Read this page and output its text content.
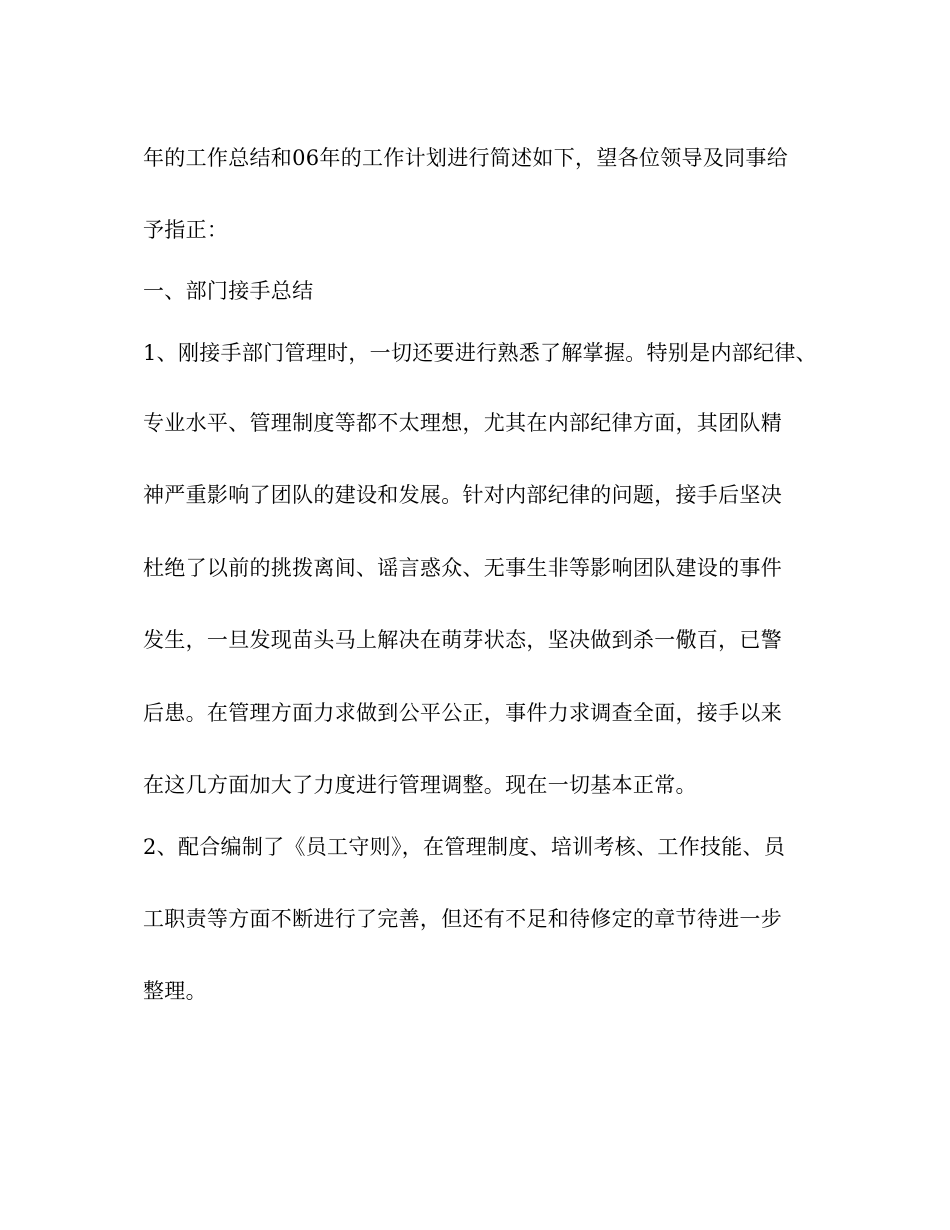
年的工作总结和06年的工作计划进行简述如下，望各位领导及同事给
予指正：
一、部门接手总结
1、刚接手部门管理时，一切还要进行熟悉了解掌握。特别是内部纪律、
专业水平、管理制度等都不太理想，尤其在内部纪律方面，其团队精
神严重影响了团队的建设和发展。针对内部纪律的问题，接手后坚决
杜绝了以前的挑拨离间、谣言惑众、无事生非等影响团队建设的事件
发生，一旦发现苗头马上解决在萌芽状态，坚决做到杀一儆百，已警
后患。在管理方面力求做到公平公正，事件力求调查全面，接手以来
在这几方面加大了力度进行管理调整。现在一切基本正常。
2、配合编制了《员工守则》，在管理制度、培训考核、工作技能、员
工职责等方面不断进行了完善，但还有不足和待修定的章节待进一步
整理。
